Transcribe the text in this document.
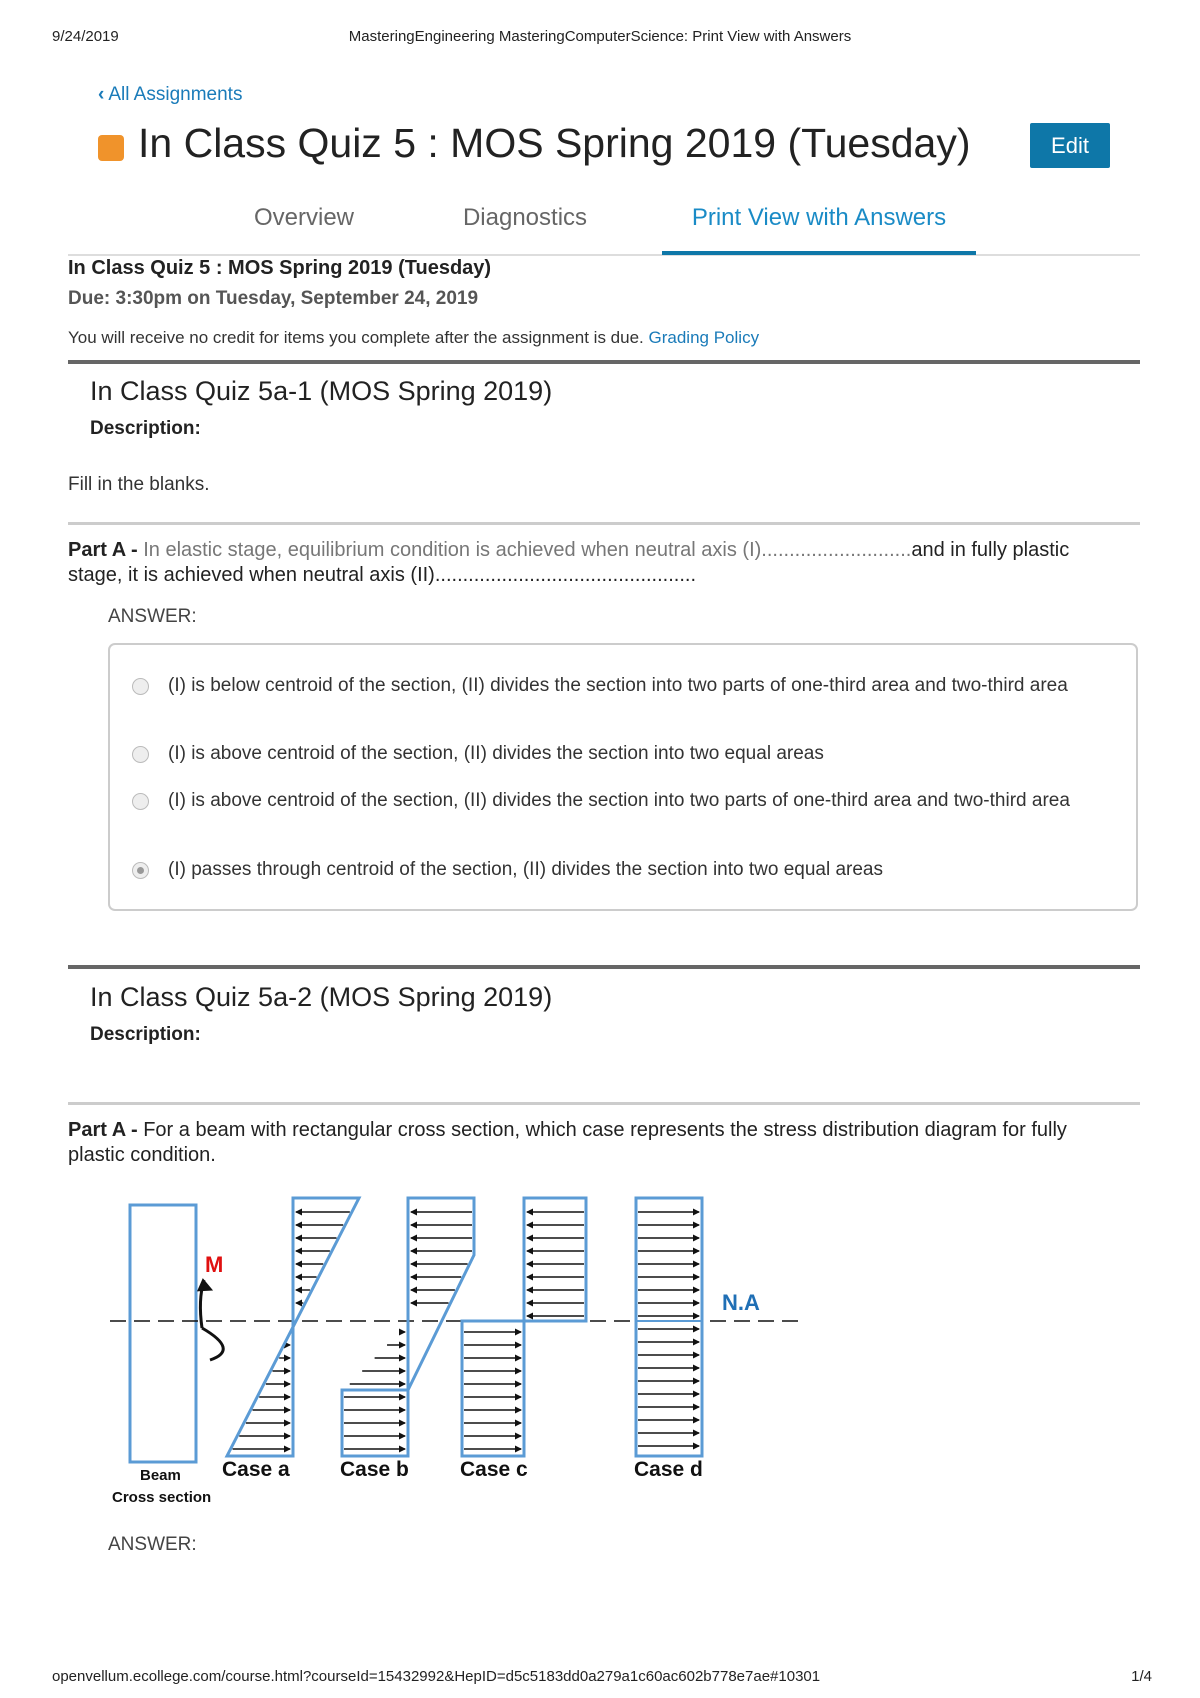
9/24/2019	MasteringEngineering MasteringComputerScience: Print View with Answers
‹ All Assignments
In Class Quiz 5 : MOS Spring 2019 (Tuesday)	Edit
Overview	Diagnostics	Print View with Answers
In Class Quiz 5 : MOS Spring 2019 (Tuesday)
Due: 3:30pm on Tuesday, September 24, 2019
You will receive no credit for items you complete after the assignment is due. Grading Policy
In Class Quiz 5a-1 (MOS Spring 2019)
Description:
Fill in the blanks.
Part A - In elastic stage, equilibrium condition is achieved when neutral axis (I)...........................and in fully plastic stage, it is achieved when neutral axis (II)...............................................
ANSWER:
(I) is below centroid of the section, (II) divides the section into two parts of one-third area and two-third area
(I) is above centroid of the section, (II) divides the section into two equal areas
(I) is above centroid of the section, (II) divides the section into two parts of one-third area and two-third area
(I) passes through centroid of the section, (II) divides the section into two equal areas
In Class Quiz 5a-2 (MOS Spring 2019)
Description:
Part A - For a beam with rectangular cross section, which case represents the stress distribution diagram for fully plastic condition.
M
N.A
Beam
Cross section
Case a Case b Case c	Case d
ANSWER:
openvellum.ecollege.com/course.html?courseId=15432992&HepID=d5c5183dd0a279a1c60ac602b778e7ae#10301	1/4
